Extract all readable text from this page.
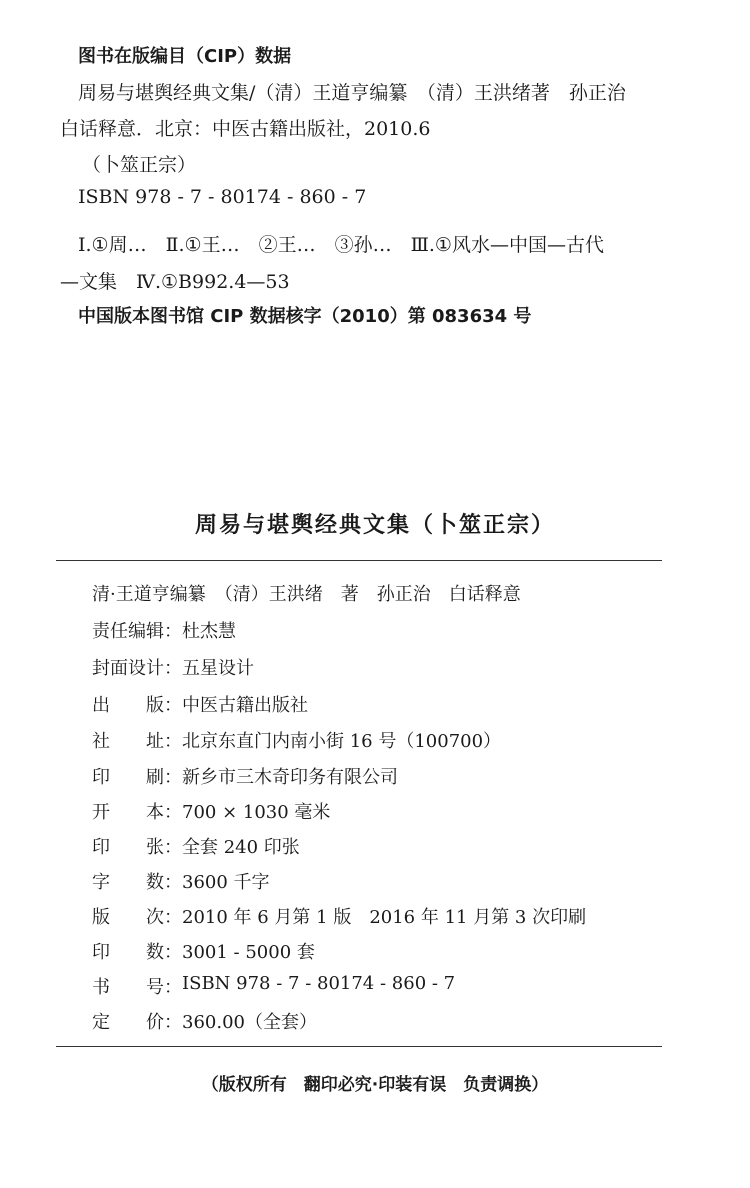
图书在版编目（CIP）数据
周易与堪舆经典文集/（清）王道亨编纂　（清）王洪绪著　孙正治
白话释意．北京：中医古籍出版社，2010.6
（卜筮正宗）
ISBN 978 - 7 - 80174 - 860 - 7
Ⅰ.①周…　Ⅱ.①王…　②王…　③孙…　Ⅲ.①风水—中国—古代
—文集　Ⅳ.①B992.4—53
中国版本图书馆 CIP 数据核字（2010）第 083634 号
周易与堪舆经典文集（卜筮正宗）
清·王道亨编纂　（清）王洪绪　著　孙正治　白话释意
责任编辑 ： 杜杰慧
封面设计 ： 五星设计
出　　版 ： 中医古籍出版社
社　　址 ： 北京东直门内南小街 16 号（100700）
印　　刷 ： 新乡市三木奇印务有限公司
开　　本 ： 700 × 1030 毫米
印　　张 ： 全套 240 印张
字　　数 ： 3600 千字
版　　次 ： 2010 年 6 月第 1 版　2016 年 11 月第 3 次印刷
印　　数 ： 3001 - 5000 套
书　　号 ： ISBN 978 - 7 - 80174 - 860 - 7
定　　价 ： 360.00（全套）
（版权所有　翻印必究·印装有误　负责调换）
